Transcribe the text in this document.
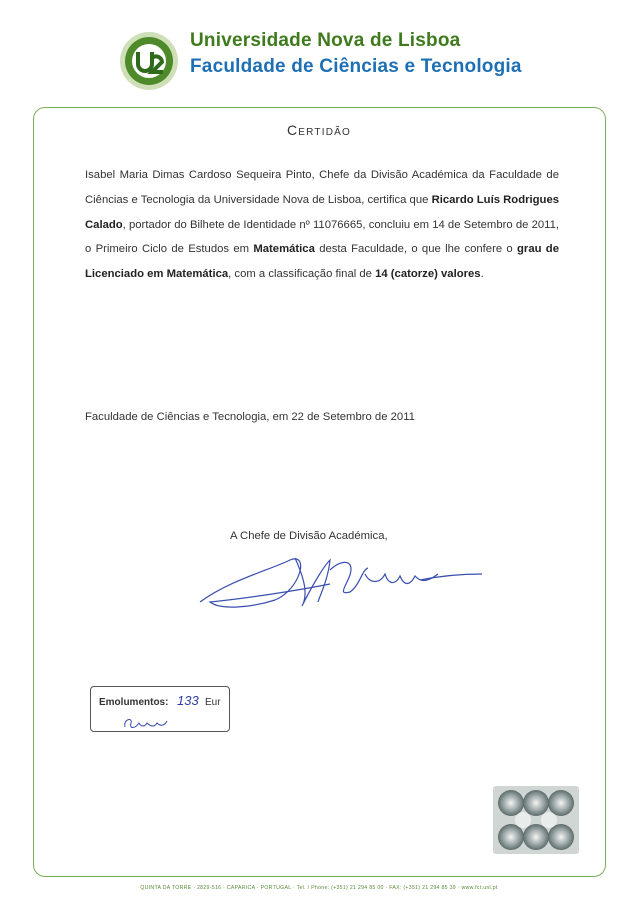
Universidade Nova de Lisboa
Faculdade de Ciências e Tecnologia
Certidão
Isabel Maria Dimas Cardoso Sequeira Pinto, Chefe da Divisão Académica da Faculdade de Ciências e Tecnologia da Universidade Nova de Lisboa, certifica que Ricardo Luís Rodrigues Calado, portador do Bilhete de Identidade nº 11076665, concluiu em 14 de Setembro de 2011, o Primeiro Ciclo de Estudos em Matemática desta Faculdade, o que lhe confere o grau de Licenciado em Matemática, com a classificação final de 14 (catorze) valores.
Faculdade de Ciências e Tecnologia, em 22 de Setembro de 2011
A Chefe de Divisão Académica,
Emolumentos: 133 Eur
QUINTA DA TORRE · 2829-516 · CAPARICA · PORTUGAL · Tel. / Phone: (+351) 21 294 85 00 · FAX: (+351) 21 294 85 39 · www.fct.unl.pt
